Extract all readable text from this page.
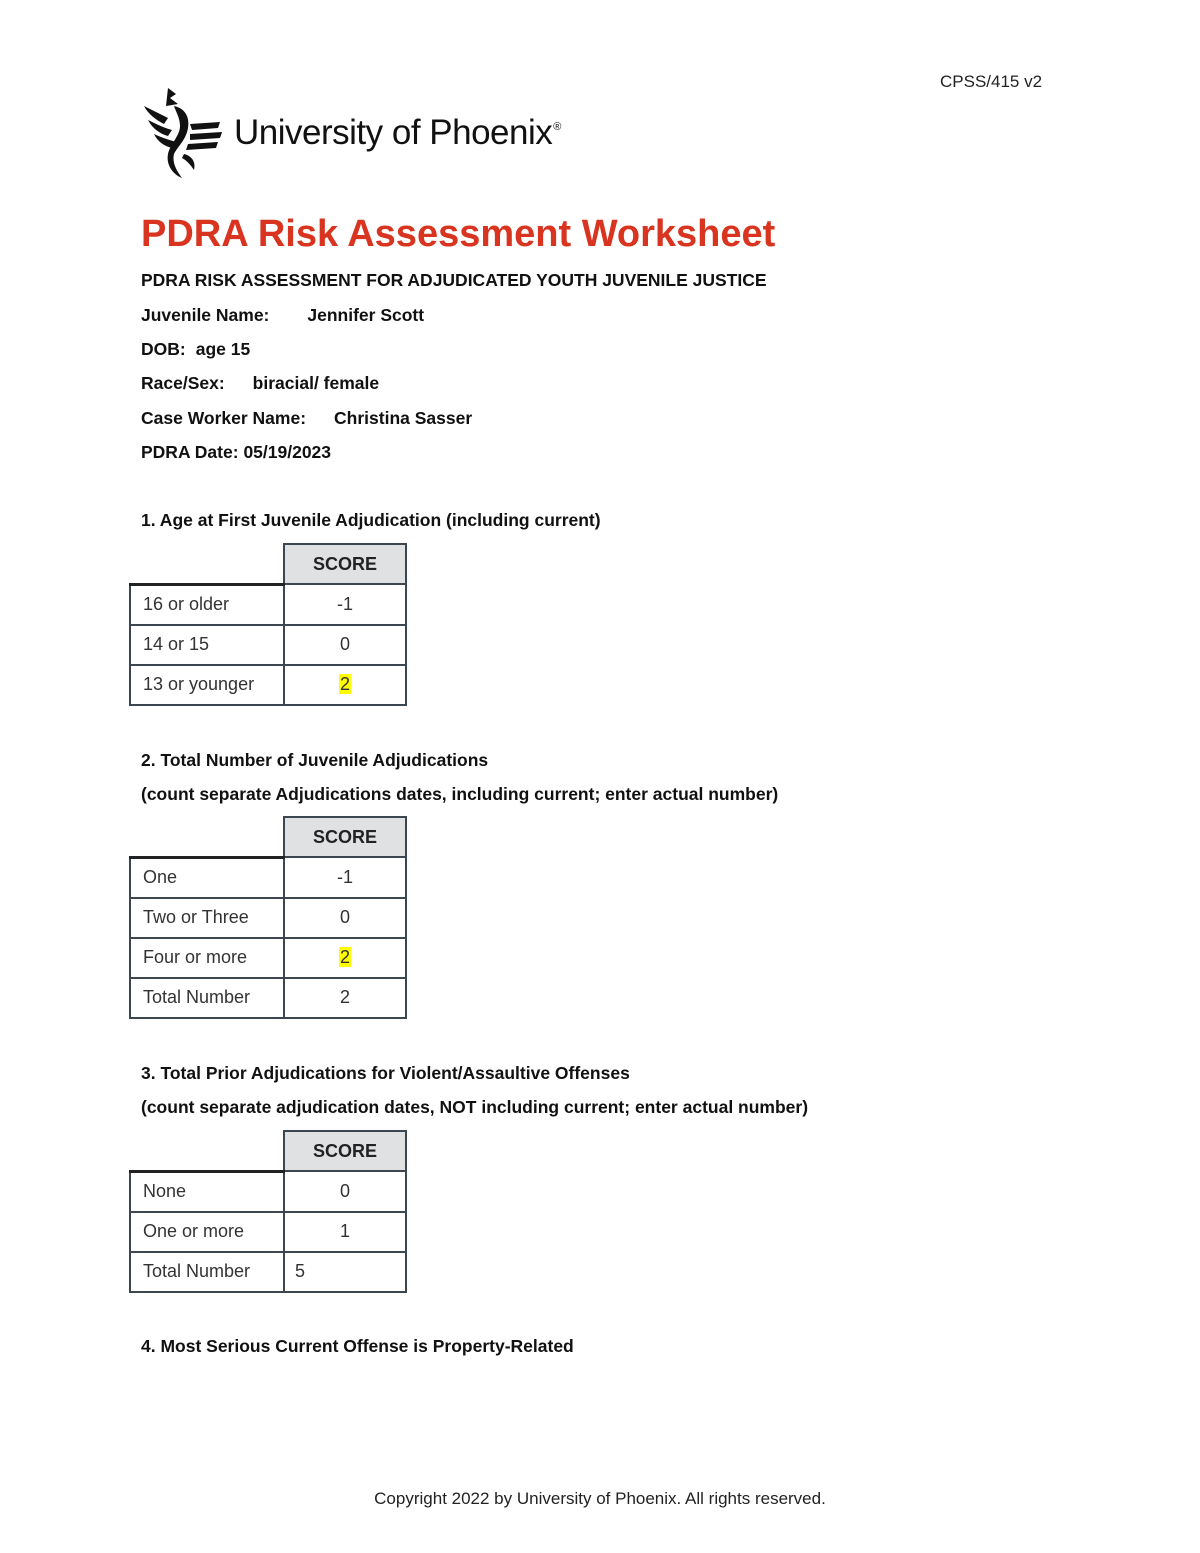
CPSS/415 v2
University of Phoenix®
PDRA Risk Assessment Worksheet
PDRA RISK ASSESSMENT FOR ADJUDICATED YOUTH JUVENILE JUSTICE
Juvenile Name: Jennifer Scott
DOB: age 15
Race/Sex: biracial/ female
Case Worker Name: Christina Sasser
PDRA Date: 05/19/2023
1. Age at First Juvenile Adjudication (including current)
	SCORE
16 or older	-1
14 or 15	0
13 or younger	2
2. Total Number of Juvenile Adjudications
(count separate Adjudications dates, including current; enter actual number)
	SCORE
One	-1
Two or Three	0
Four or more	2
Total Number	2
3. Total Prior Adjudications for Violent/Assaultive Offenses
(count separate adjudication dates, NOT including current; enter actual number)
	SCORE
None	0
One or more	1
Total Number	5
4. Most Serious Current Offense is Property-Related
Copyright 2022 by University of Phoenix. All rights reserved.
